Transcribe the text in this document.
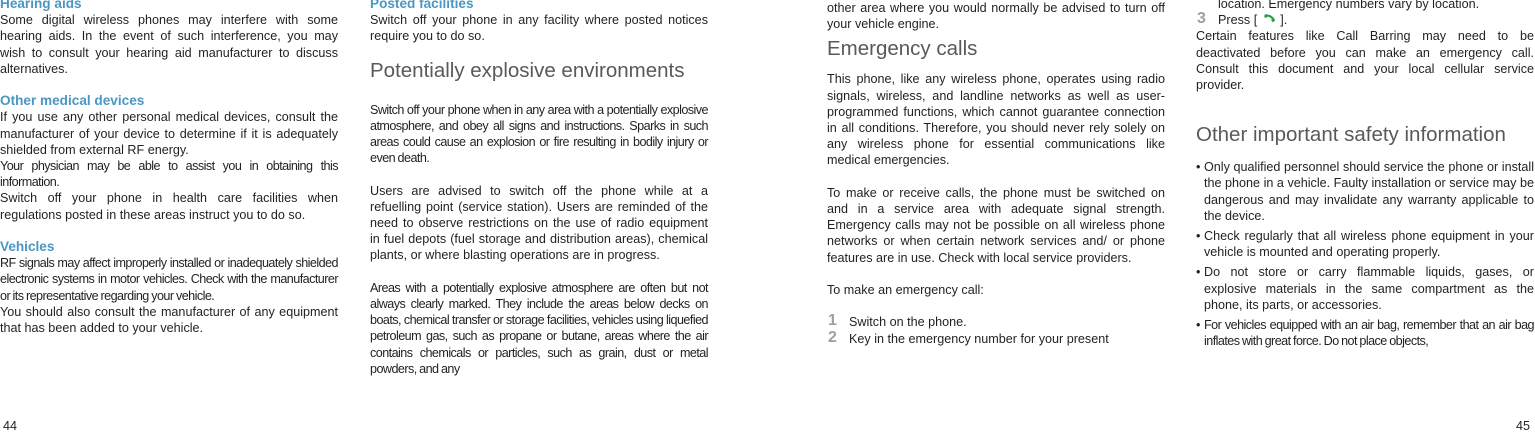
Hearing aids

Some digital wireless phones may interfere with some hearing aids. In the event of such interference, you may wish to consult your hearing aid manufacturer to discuss alternatives.

Other medical devices

If you use any other personal medical devices, consult the manufacturer of your device to determine if it is adequately shielded from external RF energy.

Your physician may be able to assist you in obtaining this information.

Switch off your phone in health care facilities when regulations posted in these areas instruct you to do so.

Vehicles

RF signals may affect improperly installed or inadequately shielded electronic systems in motor vehicles. Check with the manufacturer or its representative regarding your vehicle.

You should also consult the manufacturer of any equipment that has been added to your vehicle.

Posted facilities

Switch off your phone in any facility where posted notices require you to do so.

Potentially explosive environments

Switch off your phone when in any area with a potentially explosive atmosphere, and obey all signs and instructions. Sparks in such areas could cause an explosion or fire resulting in bodily injury or even death.

Users are advised to switch off the phone while at a refuelling point (service station). Users are reminded of the need to observe restrictions on the use of radio equipment in fuel depots (fuel storage and distribution areas), chemical plants, or where blasting operations are in progress.

Areas with a potentially explosive atmosphere are often but not always clearly marked. They include the areas below decks on boats, chemical transfer or storage facilities, vehicles using liquefied petroleum gas, such as propane or butane, areas where the air contains chemicals or particles, such as grain, dust or metal powders, and any

44

other area where you would normally be advised to turn off your vehicle engine.

Emergency calls

This phone, like any wireless phone, operates using radio signals, wireless, and landline networks as well as user-programmed functions, which cannot guarantee connection in all conditions. Therefore, you should never rely solely on any wireless phone for essential communications like medical emergencies.

To make or receive calls, the phone must be switched on and in a service area with adequate signal strength. Emergency calls may not be possible on all wireless phone networks or when certain network services and/ or phone features are in use. Check with local service providers.

To make an emergency call:

1 Switch on the phone.
2 Key in the emergency number for your present

location. Emergency numbers vary by location.

3 Press [ ].

Certain features like Call Barring may need to be deactivated before you can make an emergency call. Consult this document and your local cellular service provider.

Other important safety information
• Only qualified personnel should service the phone or install the phone in a vehicle. Faulty installation or service may be dangerous and may invalidate any warranty applicable to the device.
• Check regularly that all wireless phone equipment in your vehicle is mounted and operating properly.
• Do not store or carry flammable liquids, gases, or explosive materials in the same compartment as the phone, its parts, or accessories.
• For vehicles equipped with an air bag, remember that an air bag inflates with great force. Do not place objects,
45
